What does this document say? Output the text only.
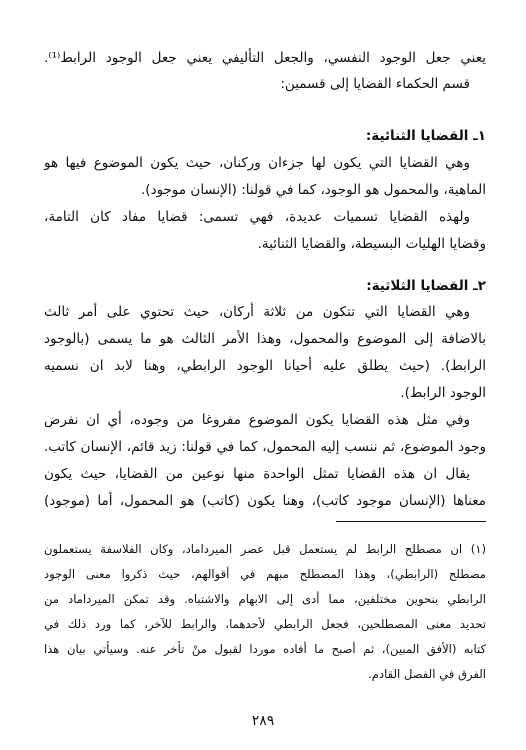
يعني جعل الوجود النفسي، والجعل التأليفي يعني جعل الوجود الرابط⁽¹⁾.
قسم الحكماء القضايا إلى قسمين:
١ـ القضايا الثنائية:
وهي القضايا التي يكون لها جزءان وركنان، حيث يكون الموضوع فيها هو
الماهية، والمحمول هو الوجود، كما في قولنا: (الإنسان موجود).
ولهذه القضايا تسميات عديدة، فهي تسمى: قضايا مفاد كان التامة،
وقضايا الهليات البسيطة، والقضايا الثنائية.
٢ـ القضايا الثلاثية:
وهي القضايا التي تتكون من ثلاثة أركان، حيث تحتوي على أمر ثالث
بالاضافة إلى الموضوع والمحمول، وهذا الأمر الثالث هو ما يسمى (بالوجود
الرابط). (حيث يطلق عليه أحيانا الوجود الرابطي، وهنا لابد ان نسميه
الوجود الرابط).
وفي مثل هذه القضايا يكون الموضوع مفروغا من وجوده، أي ان نفرض
وجود الموضوع، ثم ننسب إليه المحمول، كما في قولنا: زيد قائم، الإنسان كاتب.
يقال ان هذه القضايا تمثل الواحدة منها نوعين من القضايا، حيث يكون
معناها (الإنسان موجود كاتب)، وهنا يكون (كاتب) هو المحمول، أما (موجود)
(١) ان مصطلح الرابط لم يستعمل قبل عصر الميرداماد، وكان الفلاسفة يستعملون
مصطلح (الرابطي)، وهذا المصطلح مبهم في أقوالهم، حيث ذكروا معنى الوجود
الرابطي بنحوين مختلفين، مما أدى إلى الابهام والاشتباه. وقد تمكن الميرداماد من
تحديد معنى المصطلحين، فجعل الرابطي لأحدهما، والرابط للآخر، كما ورد ذلك في
كتابه (الأفق المبين)، ثم أصبح ما أفاده موردا لقبول منْ تأخر عنه. وسيأتي بيان هذا
الفرق في الفصل القادم.
٢٨٩
